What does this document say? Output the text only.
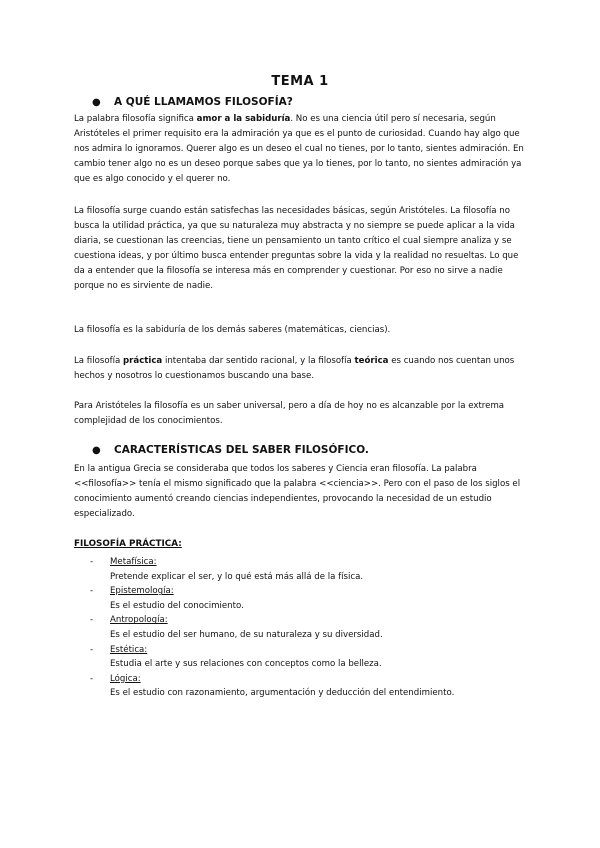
TEMA 1
●	A QUÉ LLAMAMOS FILOSOFÍA?

La palabra filosofía significa amor a la sabiduría. No es una ciencia útil pero sí necesaria, según Aristóteles el primer requisito era la admiración ya que es el punto de curiosidad. Cuando hay algo que nos admira lo ignoramos. Querer algo es un deseo el cual no tienes, por lo tanto, sientes admiración. En cambio tener algo no es un deseo porque sabes que ya lo tienes, por lo tanto, no sientes admiración ya que es algo conocido y el querer no.

La filosofía surge cuando están satisfechas las necesidades básicas, según Aristóteles. La filosofía no busca la utilidad práctica, ya que su naturaleza muy abstracta y no siempre se puede aplicar a la vida diaria, se cuestionan las creencias, tiene un pensamiento un tanto crítico el cual siempre analiza y se cuestiona ideas, y por último busca entender preguntas sobre la vida y la realidad no resueltas. Lo que da a entender que la filosofía se interesa más en comprender y cuestionar. Por eso no sirve a nadie porque no es sirviente de nadie.

La filosofía es la sabiduría de los demás saberes (matemáticas, ciencias).

La filosofía práctica intentaba dar sentido racional, y la filosofía teórica es cuando nos cuentan unos hechos y nosotros lo cuestionamos buscando una base.

Para Aristóteles la filosofía es un saber universal, pero a día de hoy no es alcanzable por la extrema complejidad de los conocimientos.

●	CARACTERÍSTICAS DEL SABER FILOSÓFICO.

En la antigua Grecia se consideraba que todos los saberes y Ciencia eran filosofía. La palabra <<filosofía>> tenía el mismo significado que la palabra <<ciencia>>. Pero con el paso de los siglos el conocimiento aumentó creando ciencias independientes, provocando la necesidad de un estudio especializado.

FILOSOFÍA PRÁCTICA:
- Metafísica:
Pretende explicar el ser, y lo qué está más allá de la física.
- Epistemología:
Es el estudio del conocimiento.
- Antropología:
Es el estudio del ser humano, de su naturaleza y su diversidad.
- Estética:
Estudia el arte y sus relaciones con conceptos como la belleza.
- Lógica:
Es el estudio con razonamiento, argumentación y deducción del entendimiento.
